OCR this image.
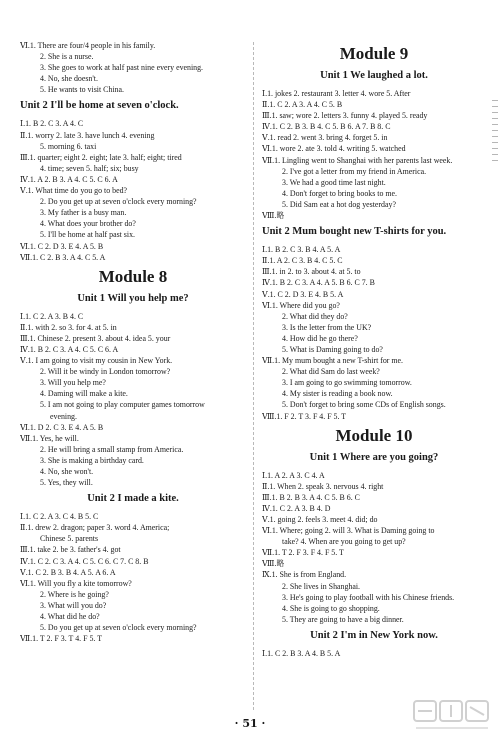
Ⅵ.1. There are four/4 people in his family.
2. She is a nurse.
3. She goes to work at half past nine every evening.
4. No, she doesn't.
5. He wants to visit China.
Unit 2 I'll be home at seven o'clock.
Ⅰ.1. B 2. C 3. A 4. C
Ⅱ.1. worry 2. late 3. have lunch 4. evening
5. morning 6. taxi
Ⅲ.1. quarter; eight 2. eight; late 3. half; eight; tired
4. time; seven 5. half; six; busy
Ⅳ.1. A 2. B 3. A 4. C 5. C 6. A
Ⅴ.1. What time do you go to bed?
2. Do you get up at seven o'clock every morning?
3. My father is a busy man.
4. What does your brother do?
5. I'll be home at half past six.
Ⅵ.1. C 2. D 3. E 4. A 5. B
Ⅶ.1. C 2. B 3. A 4. C 5. A
Module 8
Unit 1 Will you help me?
Ⅰ.1. C 2. A 3. B 4. C
Ⅱ.1. with 2. so 3. for 4. at 5. in
Ⅲ.1. Chinese 2. present 3. about 4. idea 5. your
Ⅳ.1. B 2. C 3. A 4. C 5. C 6. A
Ⅴ.1. I am going to visit my cousin in New York.
2. Will it be windy in London tomorrow?
3. Will you help me?
4. Daming will make a kite.
5. I am not going to play computer games tomorrow
evening.
Ⅵ.1. D 2. C 3. E 4. A 5. B
Ⅶ.1. Yes, he will.
2. He will bring a small stamp from America.
3. She is making a birthday card.
4. No, she won't.
5. Yes, they will.
Unit 2 I made a kite.
Ⅰ.1. C 2. A 3. C 4. B 5. C
Ⅱ.1. drew 2. dragon; paper 3. word 4. America;
Chinese 5. parents
Ⅲ.1. take 2. be 3. father's 4. got
Ⅳ.1. C 2. C 3. A 4. C 5. C 6. C 7. C 8. B
Ⅴ.1. C 2. B 3. B 4. A 5. A 6. A
Ⅵ.1. Will you fly a kite tomorrow?
2. Where is he going?
3. What will you do?
4. What did he do?
5. Do you get up at seven o'clock every morning?
Ⅶ.1. T 2. F 3. T 4. F 5. T
Module 9
Unit 1 We laughed a lot.
Ⅰ.1. jokes 2. restaurant 3. letter 4. wore 5. After
Ⅱ.1. C 2. A 3. A 4. C 5. B
Ⅲ.1. saw; wore 2. letters 3. funny 4. played 5. ready
Ⅳ.1. C 2. B 3. B 4. C 5. B 6. A 7. B 8. C
Ⅴ.1. read 2. went 3. bring 4. forget 5. in
Ⅵ.1. wore 2. ate 3. told 4. writing 5. watched
Ⅶ.1. Lingling went to Shanghai with her parents last week.
2. I've got a letter from my friend in America.
3. We had a good time last night.
4. Don't forget to bring books to me.
5. Did Sam eat a hot dog yesterday?
Ⅷ.略
Unit 2 Mum bought new T-shirts for you.
Ⅰ.1. B 2. C 3. B 4. A 5. A
Ⅱ.1. A 2. C 3. B 4. C 5. C
Ⅲ.1. in 2. to 3. about 4. at 5. to
Ⅳ.1. B 2. C 3. A 4. A 5. B 6. C 7. B
Ⅴ.1. C 2. D 3. E 4. B 5. A
Ⅵ.1. Where did you go?
2. What did they do?
3. Is the letter from the UK?
4. How did he go there?
5. What is Daming going to do?
Ⅶ.1. My mum bought a new T-shirt for me.
2. What did Sam do last week?
3. I am going to go swimming tomorrow.
4. My sister is reading a book now.
5. Don't forget to bring some CDs of English songs.
Ⅷ.1. F 2. T 3. F 4. F 5. T
Module 10
Unit 1 Where are you going?
Ⅰ.1. A 2. A 3. C 4. A
Ⅱ.1. When 2. speak 3. nervous 4. right
Ⅲ.1. B 2. B 3. A 4. C 5. B 6. C
Ⅳ.1. C 2. A 3. B 4. D
Ⅴ.1. going 2. feels 3. meet 4. did; do
Ⅵ.1. Where; going 2. will 3. What is Daming going to
take? 4. When are you going to get up?
Ⅶ.1. T 2. F 3. F 4. F 5. T
Ⅷ.略
Ⅸ.1. She is from England.
2. She lives in Shanghai.
3. He's going to play football with his Chinese friends.
4. She is going to go shopping.
5. They are going to have a big dinner.
Unit 2 I'm in New York now.
Ⅰ.1. C 2. B 3. A 4. B 5. A
· 51 ·
